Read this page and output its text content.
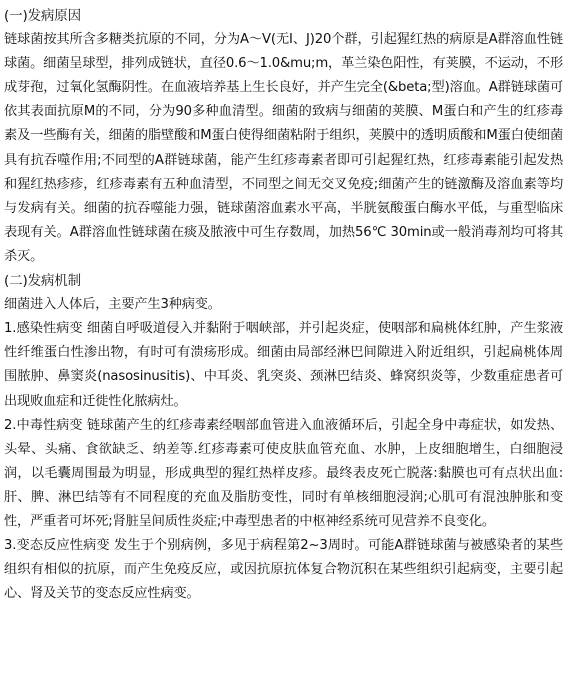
(一)发病原因

链球菌按其所含多糖类抗原的不同，分为A～V(无I、J)20个群，引起猩红热的病原是A群溶血性链球菌。细菌呈球型，排列成链状，直径0.6～1.0&mu;m，革兰染色阳性，有荚膜，不运动，不形成芽孢，过氧化氢酶阴性。在血液培养基上生长良好，并产生完全(&beta;型)溶血。A群链球菌可依其表面抗原M的不同，分为90多种血清型。细菌的致病与细菌的荚膜、M蛋白和产生的红疹毒素及一些酶有关，细菌的脂壁酸和M蛋白使得细菌粘附于组织，荚膜中的透明质酸和M蛋白使细菌具有抗吞噬作用;不同型的A群链球菌，能产生红疹毒素者即可引起猩红热，红疹毒素能引起发热和猩红热疹疹，红疹毒素有五种血清型，不同型之间无交叉免疫;细菌产生的链激酶及溶血素等均与发病有关。细菌的抗吞噬能力强，链球菌溶血素水平高，半胱氨酸蛋白酶水平低，与重型临床表现有关。A群溶血性链球菌在痰及脓液中可生存数周，加热56℃ 30min或一般消毒剂均可将其杀灭。

(二)发病机制

细菌进入人体后，主要产生3种病变。

1.感染性病变 细菌自呼吸道侵入并黏附于咽峡部，并引起炎症，使咽部和扁桃体红肿，产生浆液性纤维蛋白性渗出物，有时可有溃疡形成。细菌由局部经淋巴间隙进入附近组织，引起扁桃体周围脓肿、鼻窦炎(nasosinusitis)、中耳炎、乳突炎、颈淋巴结炎、蜂窝织炎等，少数重症患者可出现败血症和迁徙性化脓病灶。

2.中毒性病变 链球菌产生的红疹毒素经咽部血管进入血液循环后，引起全身中毒症状，如发热、头晕、头痛、食欲缺乏、纳差等.红疹毒素可使皮肤血管充血、水肿，上皮细胞增生，白细胞浸润，以毛囊周围最为明显，形成典型的猩红热样皮疹。最终表皮死亡脱落:黏膜也可有点状出血:肝、脾、淋巴结等有不同程度的充血及脂肪变性，同时有单核细胞浸润;心肌可有混浊肿胀和变性，严重者可坏死;肾脏呈间质性炎症;中毒型患者的中枢神经系统可见营养不良变化。

3.变态反应性病变 发生于个别病例，多见于病程第2~3周时。可能A群链球菌与被感染者的某些组织有相似的抗原，而产生免疫反应，或因抗原抗体复合物沉积在某些组织引起病变，主要引起心、肾及关节的变态反应性病变。
